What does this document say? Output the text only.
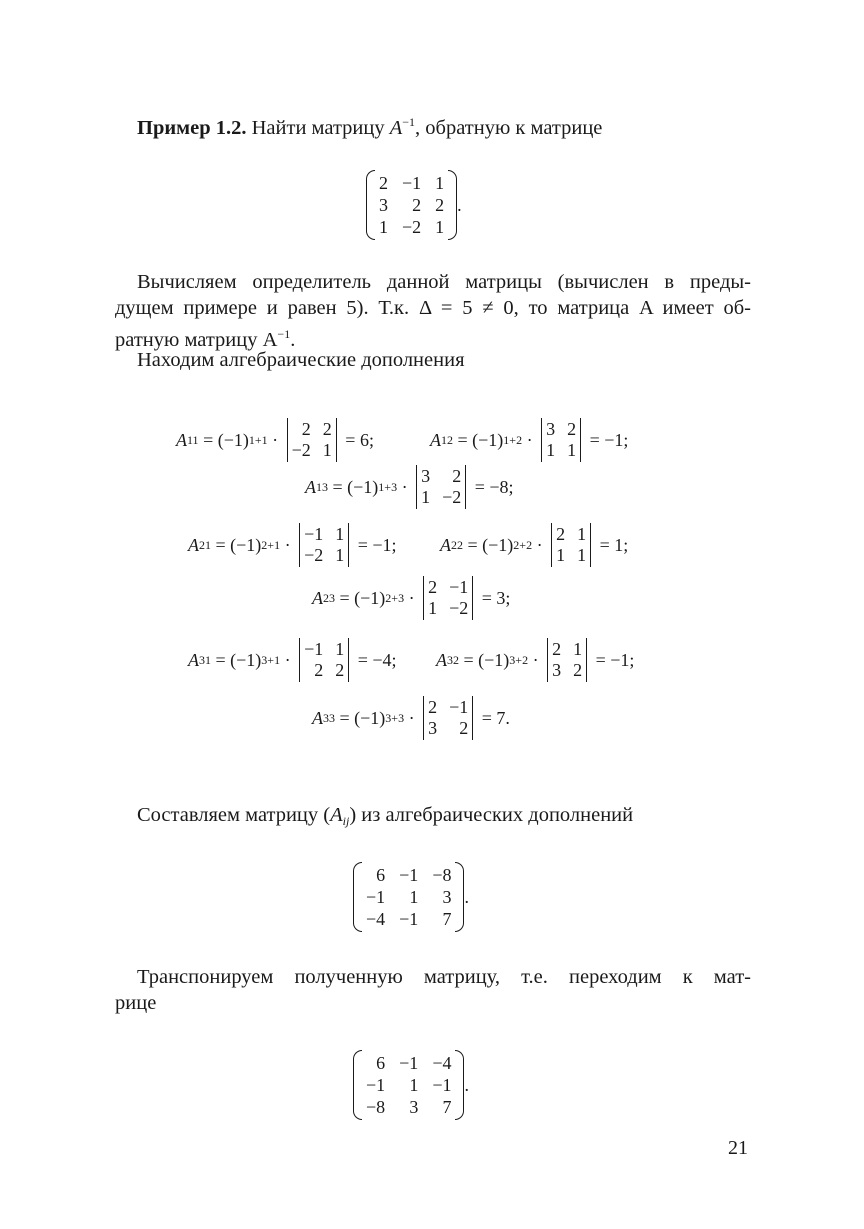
Пример 1.2. Найти матрицу $A^{-1}$, обратную к матрице

2 −1 1
3	2 2
1 −2 1
.

Вычисляем определитель данной матрицы (вычислен в преды-

дущем примере и равен 5). Т.к. Δ = 5 ≠ 0, то матрица A имеет об-

ратную матрицу $A^{-1}$.

Находим алгебраические дополнения

A 11
= (−1) 1+1
·

2 2
−2 1

= 6;	A 12
= (−1) 1+2
·

3 2
1 1

= −1;
A 13
= (−1) 1+3
·

3	2
1 −2

= −8;
A 21
= (−1) 2+1
·

−1 1
−2 1

= −1; A 22
= (−1) 2+2
·

2 1
1 1

= 1;
A 23
= (−1) 2+3
·

2 −1
1 −2

= 3;
A 31
= (−1) 3+1
·

−1 1
2 2

= −4; A 32
= (−1) 3+2
·

2 1
3 2

= −1;
A 33
= (−1) 3+3
·

2 −1
3	2

= 7.

Составляем матрицу $(A_{ij})$ из алгебраических дополнений

6 −1 −8
−1	1	3
−4 −1	7
.

Транспонируем полученную матрицу, т.е. переходим к мат-

рице

6 −1 −4
−1	1 −1
−8	3	7
.
21
